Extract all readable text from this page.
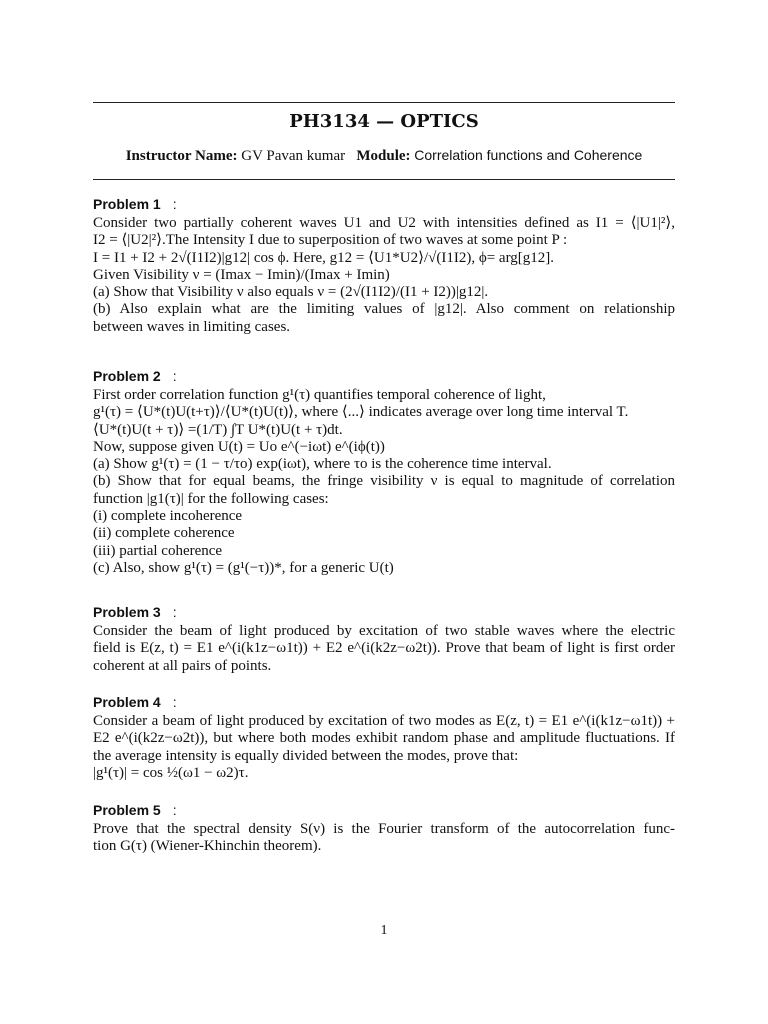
PH3134 — OPTICS
Instructor Name: GV Pavan kumar Module: Correlation functions and Coherence
Problem 1 :
Consider two partially coherent waves U1 and U2 with intensities defined as I1 = ⟨|U1|²⟩,
I2 = ⟨|U2|²⟩.The Intensity I due to superposition of two waves at some point P :
I = I1 + I2 + 2√(I1I2)|g12| cos ϕ. Here, g12 = ⟨U1*U2⟩/√(I1I2), ϕ= arg[g12].
Given Visibility ν = (Imax − Imin)/(Imax + Imin)
(a) Show that Visibility ν also equals ν = (2√(I1I2)/(I1 + I2))|g12|.
(b) Also explain what are the limiting values of |g12|. Also comment on relationship
between waves in limiting cases.
Problem 2 :
First order correlation function g¹(τ) quantifies temporal coherence of light,
g¹(τ) = ⟨U*(t)U(t+τ)⟩/⟨U*(t)U(t)⟩, where ⟨...⟩ indicates average over long time interval T.
⟨U*(t)U(t + τ)⟩ =(1/T) ∫T U*(t)U(t + τ)dt.
Now, suppose given U(t) = Uo e^(−iωt) e^(iϕ(t))
(a) Show g¹(τ) = (1 − τ/τo) exp(iωt), where τo is the coherence time interval.
(b) Show that for equal beams, the fringe visibility ν is equal to magnitude of correlation
function |g1(τ)| for the following cases:
(i) complete incoherence
(ii) complete coherence
(iii) partial coherence
(c) Also, show g¹(τ) = (g¹(−τ))*, for a generic U(t)
Problem 3 :
Consider the beam of light produced by excitation of two stable waves where the electric
field is E(z, t) = E1 e^(i(k1z−ω1t)) + E2 e^(i(k2z−ω2t)). Prove that beam of light is first order
coherent at all pairs of points.
Problem 4 :
Consider a beam of light produced by excitation of two modes as E(z, t) = E1 e^(i(k1z−ω1t)) +
E2 e^(i(k2z−ω2t)), but where both modes exhibit random phase and amplitude fluctuations. If
the average intensity is equally divided between the modes, prove that:
|g¹(τ)| = cos ½(ω1 − ω2)τ.
Problem 5 :
Prove that the spectral density S(ν) is the Fourier transform of the autocorrelation func-
tion G(τ) (Wiener-Khinchin theorem).
1
